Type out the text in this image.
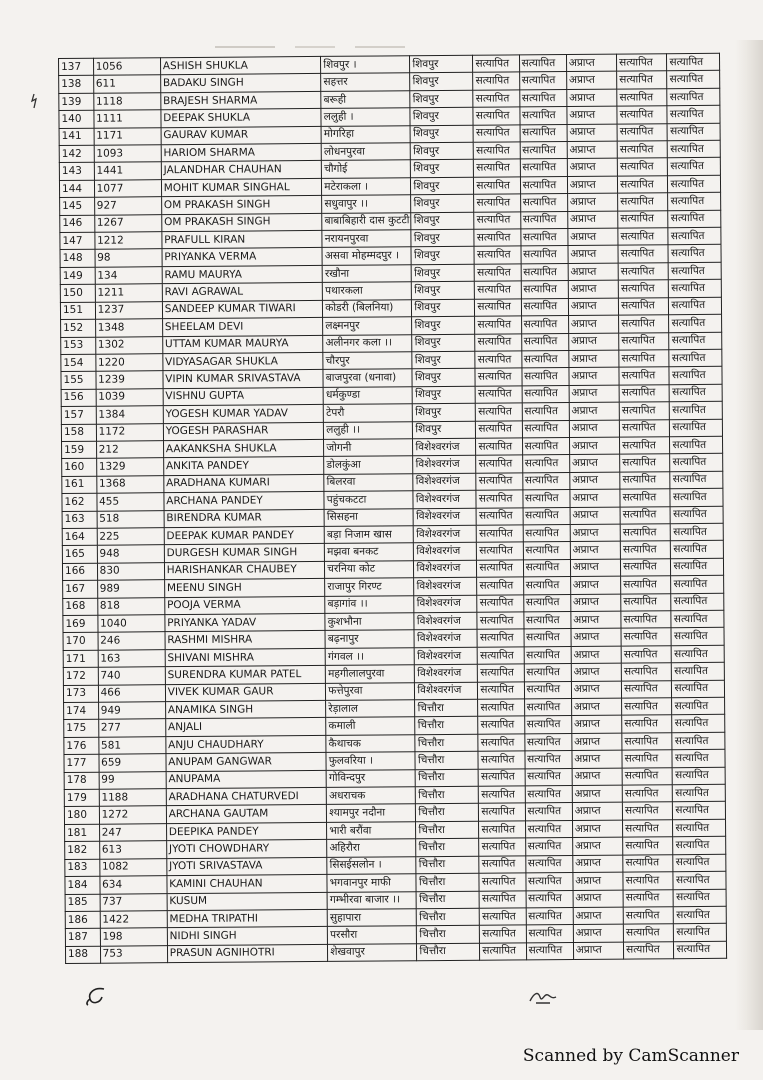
137	1056	ASHISH SHUKLA	शिवपुर ।	शिवपुर	सत्यापित	सत्यापित	अप्राप्त	सत्यापित	सत्यापित
138	611	BADAKU SINGH	सहत्तर	शिवपुर	सत्यापित	सत्यापित	अप्राप्त	सत्यापित	सत्यापित
139	1118	BRAJESH SHARMA	बरूही	शिवपुर	सत्यापित	सत्यापित	अप्राप्त	सत्यापित	सत्यापित
140	1111	DEEPAK SHUKLA	ललुही ।	शिवपुर	सत्यापित	सत्यापित	अप्राप्त	सत्यापित	सत्यापित
141	1171	GAURAV KUMAR	मोगरिहा	शिवपुर	सत्यापित	सत्यापित	अप्राप्त	सत्यापित	सत्यापित
142	1093	HARIOM SHARMA	लोधनपुरवा	शिवपुर	सत्यापित	सत्यापित	अप्राप्त	सत्यापित	सत्यापित
143	1441	JALANDHAR CHAUHAN	चौगोई	शिवपुर	सत्यापित	सत्यापित	अप्राप्त	सत्यापित	सत्यापित
144	1077	MOHIT KUMAR SINGHAL	मटेराकला ।	शिवपुर	सत्यापित	सत्यापित	अप्राप्त	सत्यापित	सत्यापित
145	927	OM PRAKASH SINGH	सधुवापुर ।।	शिवपुर	सत्यापित	सत्यापित	अप्राप्त	सत्यापित	सत्यापित
146	1267	OM PRAKASH SINGH	बाबाबिहारी दास कुटटी	शिवपुर	सत्यापित	सत्यापित	अप्राप्त	सत्यापित	सत्यापित
147	1212	PRAFULL KIRAN	नरायनपुरवा	शिवपुर	सत्यापित	सत्यापित	अप्राप्त	सत्यापित	सत्यापित
148	98	PRIYANKA VERMA	असवा मोहम्मदपुर ।	शिवपुर	सत्यापित	सत्यापित	अप्राप्त	सत्यापित	सत्यापित
149	134	RAMU MAURYA	रखौना	शिवपुर	सत्यापित	सत्यापित	अप्राप्त	सत्यापित	सत्यापित
150	1211	RAVI AGRAWAL	पथारकला	शिवपुर	सत्यापित	सत्यापित	अप्राप्त	सत्यापित	सत्यापित
151	1237	SANDEEP KUMAR TIWARI	कोडरी (बिलनिया)	शिवपुर	सत्यापित	सत्यापित	अप्राप्त	सत्यापित	सत्यापित
152	1348	SHEELAM DEVI	लक्ष्मनपुर	शिवपुर	सत्यापित	सत्यापित	अप्राप्त	सत्यापित	सत्यापित
153	1302	UTTAM KUMAR MAURYA	अलीनगर कला ।।	शिवपुर	सत्यापित	सत्यापित	अप्राप्त	सत्यापित	सत्यापित
154	1220	VIDYASAGAR SHUKLA	चौरपुर	शिवपुर	सत्यापित	सत्यापित	अप्राप्त	सत्यापित	सत्यापित
155	1239	VIPIN KUMAR SRIVASTAVA	बाजपुरवा (धनावा)	शिवपुर	सत्यापित	सत्यापित	अप्राप्त	सत्यापित	सत्यापित
156	1039	VISHNU GUPTA	धर्मकुण्डा	शिवपुर	सत्यापित	सत्यापित	अप्राप्त	सत्यापित	सत्यापित
157	1384	YOGESH KUMAR YADAV	टेपरौ	शिवपुर	सत्यापित	सत्यापित	अप्राप्त	सत्यापित	सत्यापित
158	1172	YOGESH PARASHAR	ललुही ।।	शिवपुर	सत्यापित	सत्यापित	अप्राप्त	सत्यापित	सत्यापित
159	212	AAKANKSHA SHUKLA	जोगनी	विशेश्वरगंज	सत्यापित	सत्यापित	अप्राप्त	सत्यापित	सत्यापित
160	1329	ANKITA PANDEY	डोलकुंआ	विशेश्वरगंज	सत्यापित	सत्यापित	अप्राप्त	सत्यापित	सत्यापित
161	1368	ARADHANA KUMARI	बिलरवा	विशेश्वरगंज	सत्यापित	सत्यापित	अप्राप्त	सत्यापित	सत्यापित
162	455	ARCHANA PANDEY	पहुंचकटटा	विशेश्वरगंज	सत्यापित	सत्यापित	अप्राप्त	सत्यापित	सत्यापित
163	518	BIRENDRA KUMAR	सिसहना	विशेश्वरगंज	सत्यापित	सत्यापित	अप्राप्त	सत्यापित	सत्यापित
164	225	DEEPAK KUMAR PANDEY	बड़ा निजाम खास	विशेश्वरगंज	सत्यापित	सत्यापित	अप्राप्त	सत्यापित	सत्यापित
165	948	DURGESH KUMAR SINGH	मझवा बनकट	विशेश्वरगंज	सत्यापित	सत्यापित	अप्राप्त	सत्यापित	सत्यापित
166	830	HARISHANKAR CHAUBEY	चरनिया कोट	विशेश्वरगंज	सत्यापित	सत्यापित	अप्राप्त	सत्यापित	सत्यापित
167	989	MEENU SINGH	राजापुर गिरण्ट	विशेश्वरगंज	सत्यापित	सत्यापित	अप्राप्त	सत्यापित	सत्यापित
168	818	POOJA VERMA	बड़ागांव ।।	विशेश्वरगंज	सत्यापित	सत्यापित	अप्राप्त	सत्यापित	सत्यापित
169	1040	PRIYANKA YADAV	कुशभौना	विशेश्वरगंज	सत्यापित	सत्यापित	अप्राप्त	सत्यापित	सत्यापित
170	246	RASHMI MISHRA	बढ़नापुर	विशेश्वरगंज	सत्यापित	सत्यापित	अप्राप्त	सत्यापित	सत्यापित
171	163	SHIVANI MISHRA	गंगवल ।।	विशेश्वरगंज	सत्यापित	सत्यापित	अप्राप्त	सत्यापित	सत्यापित
172	740	SURENDRA KUMAR PATEL	महगीलालपुरवा	विशेश्वरगंज	सत्यापित	सत्यापित	अप्राप्त	सत्यापित	सत्यापित
173	466	VIVEK KUMAR GAUR	फत्तेपुरवा	विशेश्वरगंज	सत्यापित	सत्यापित	अप्राप्त	सत्यापित	सत्यापित
174	949	ANAMIKA SINGH	रेड़ालाल	चित्तौरा	सत्यापित	सत्यापित	अप्राप्त	सत्यापित	सत्यापित
175	277	ANJALI	कमाली	चित्तौरा	सत्यापित	सत्यापित	अप्राप्त	सत्यापित	सत्यापित
176	581	ANJU CHAUDHARY	कैथाचक	चित्तौरा	सत्यापित	सत्यापित	अप्राप्त	सत्यापित	सत्यापित
177	659	ANUPAM GANGWAR	फुलवरिया ।	चित्तौरा	सत्यापित	सत्यापित	अप्राप्त	सत्यापित	सत्यापित
178	99	ANUPAMA	गोविन्दपुर	चित्तौरा	सत्यापित	सत्यापित	अप्राप्त	सत्यापित	सत्यापित
179	1188	ARADHANA CHATURVEDI	अधराचक	चित्तौरा	सत्यापित	सत्यापित	अप्राप्त	सत्यापित	सत्यापित
180	1272	ARCHANA GAUTAM	श्यामपुर नदौना	चित्तौरा	सत्यापित	सत्यापित	अप्राप्त	सत्यापित	सत्यापित
181	247	DEEPIKA PANDEY	भारी बरौंवा	चित्तौरा	सत्यापित	सत्यापित	अप्राप्त	सत्यापित	सत्यापित
182	613	JYOTI CHOWDHARY	अहिरौरा	चित्तौरा	सत्यापित	सत्यापित	अप्राप्त	सत्यापित	सत्यापित
183	1082	JYOTI SRIVASTAVA	सिसईसलोन ।	चित्तौरा	सत्यापित	सत्यापित	अप्राप्त	सत्यापित	सत्यापित
184	634	KAMINI CHAUHAN	भगवानपुर माफी	चित्तौरा	सत्यापित	सत्यापित	अप्राप्त	सत्यापित	सत्यापित
185	737	KUSUM	गम्भीरवा बाजार ।।	चित्तौरा	सत्यापित	सत्यापित	अप्राप्त	सत्यापित	सत्यापित
186	1422	MEDHA TRIPATHI	सुहापारा	चित्तौरा	सत्यापित	सत्यापित	अप्राप्त	सत्यापित	सत्यापित
187	198	NIDHI SINGH	परसौरा	चित्तौरा	सत्यापित	सत्यापित	अप्राप्त	सत्यापित	सत्यापित
188	753	PRASUN AGNIHOTRI	शेखवापुर	चित्तौरा	सत्यापित	सत्यापित	अप्राप्त	सत्यापित	सत्यापित
Scanned by CamScanner
